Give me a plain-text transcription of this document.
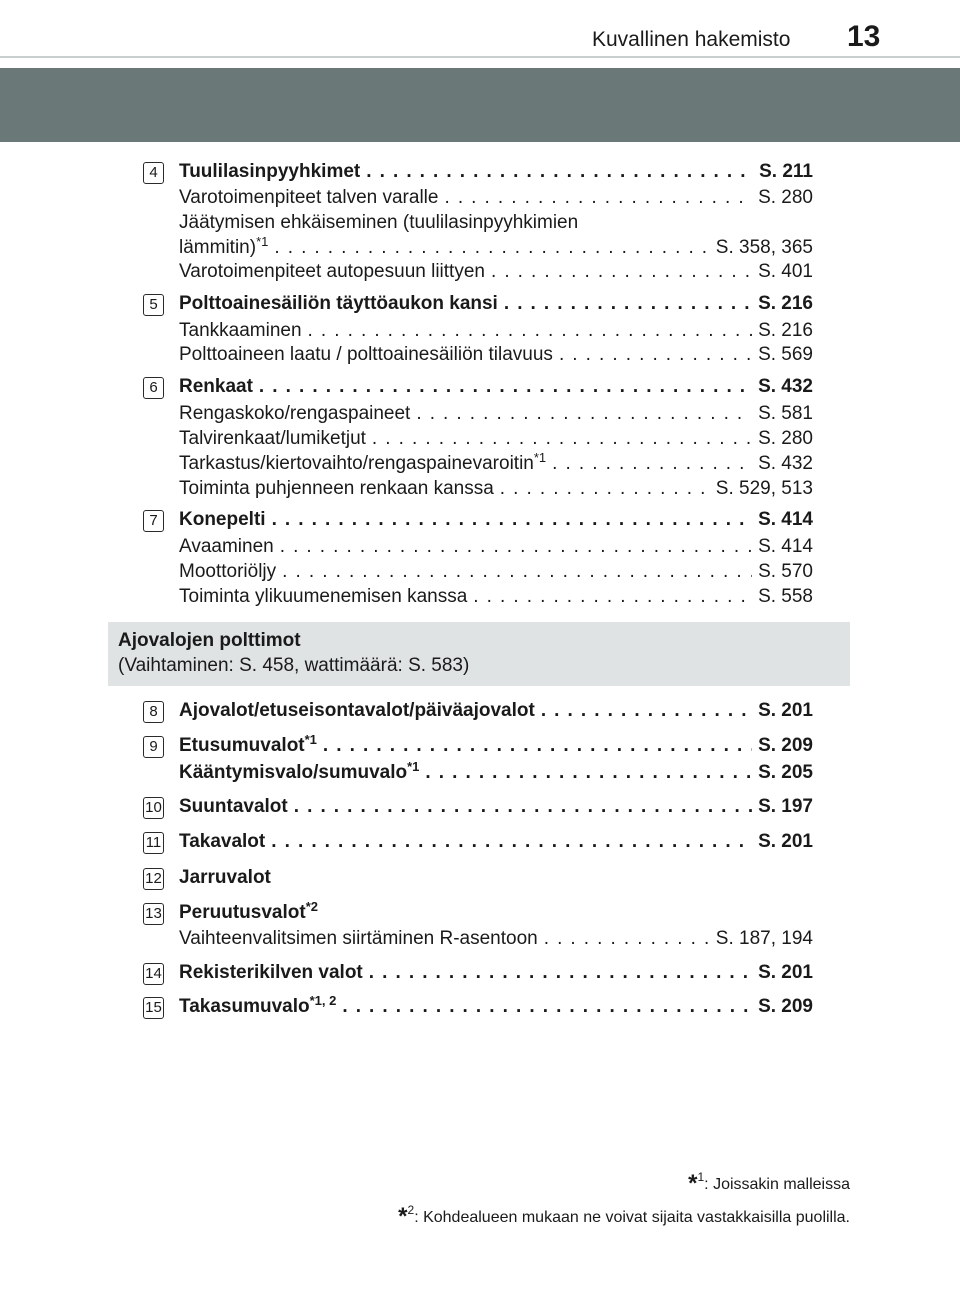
Kuvallinen hakemisto 13
4	Tuulilasinpyyhkimet . . .	S. 211
Varotoimenpiteet talven varalle . . .	S. 280
Jäätymisen ehkäiseminen (tuulilasinpyyhkimien
lämmitin)$^{*1}$ . . .	S. 358, 365
Varotoimenpiteet autopesuun liittyen . . .	S. 401
5	Polttoainesäiliön täyttöaukon kansi . . .	S. 216
Tankkaaminen . . .	S. 216
Polttoaineen laatu / polttoainesäiliön tilavuus . . .	S. 569
6	Renkaat . . .	S. 432
Rengaskoko/rengaspaineet . . .	S. 581
Talvirenkaat/lumiketjut . . .	S. 280
Tarkastus/kiertovaihto/rengaspainevaroitin$^{*1}$ . . .	S. 432
Toiminta puhjenneen renkaan kanssa . . .	S. 529, 513
7	Konepelti . . .	S. 414
Avaaminen . . .	S. 414
Moottoriöljy . . .	S. 570
Toiminta ylikuumenemisen kanssa . . .	S. 558
Ajovalojen polttimot
(Vaihtaminen: S. 458, wattimäärä: S. 583)
8	Ajovalot/etuseisontavalot/päiväajovalot . . .	S. 201
9	Etusumuvalot$^{*1}$ . . .	S. 209
Kääntymisvalo/sumuvalo$^{*1}$ . . .	S. 205
10 Suuntavalot . . .	S. 197
11 Takavalot . . .	S. 201
12 Jarruvalot
13 Peruutusvalot$^{*2}$
Vaihteenvalitsimen siirtäminen R-asentoon . . .	S. 187, 194
14 Rekisterikilven valot . . .	S. 201
15 Takasumuvalo$^{*1, 2}$ . . .	S. 209
*$^1$: Joissakin malleissa
*$^2$: Kohdealueen mukaan ne voivat sijaita vastakkaisilla puolilla.
